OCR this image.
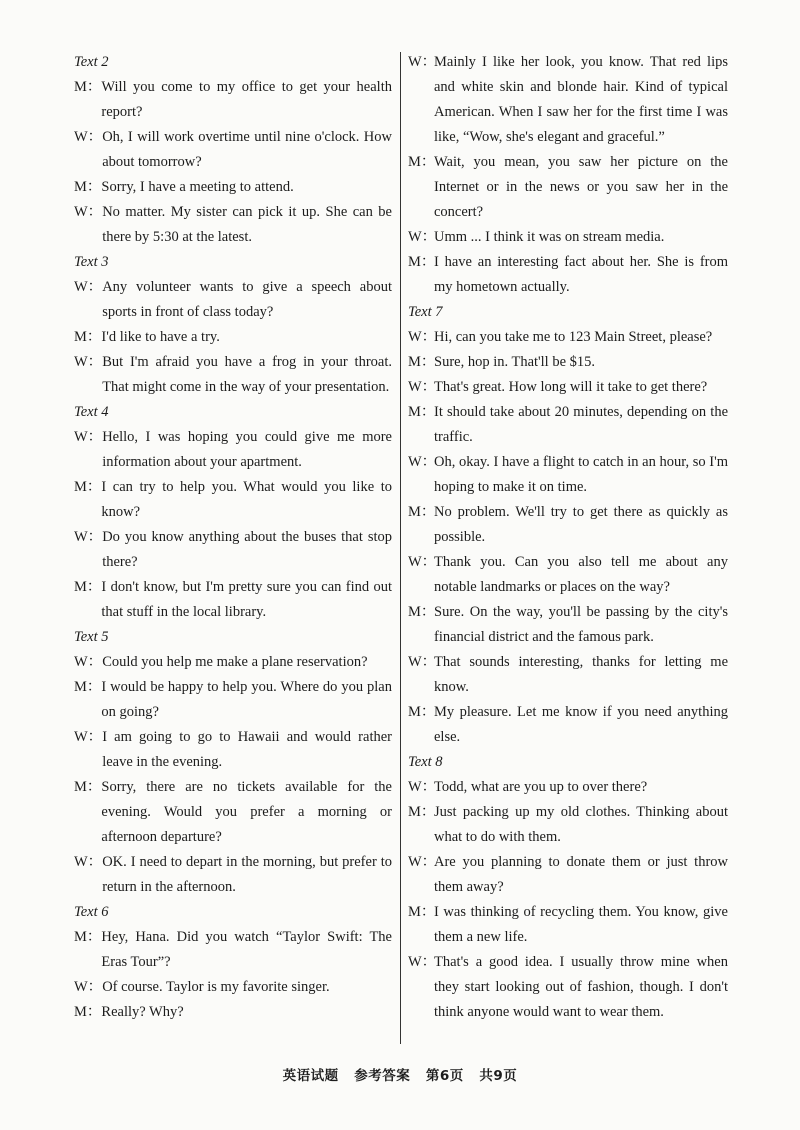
Text 2
M： Will you come to my office to get your health report?
W： Oh, I will work overtime until nine o'clock. How about tomorrow?
M： Sorry, I have a meeting to attend.
W： No matter. My sister can pick it up. She can be there by 5:30 at the latest.
Text 3
W： Any volunteer wants to give a speech about sports in front of class today?
M： I'd like to have a try.
W： But I'm afraid you have a frog in your throat. That might come in the way of your presentation.
Text 4
W： Hello, I was hoping you could give me more information about your apartment.
M： I can try to help you. What would you like to know?
W： Do you know anything about the buses that stop there?
M： I don't know, but I'm pretty sure you can find out that stuff in the local library.
Text 5
W： Could you help me make a plane reservation?
M： I would be happy to help you. Where do you plan on going?
W： I am going to go to Hawaii and would rather leave in the evening.
M： Sorry, there are no tickets available for the evening. Would you prefer a morning or afternoon departure?
W： OK. I need to depart in the morning, but prefer to return in the afternoon.
Text 6
M： Hey, Hana. Did you watch “Taylor Swift: The Eras Tour”?
W： Of course. Taylor is my favorite singer.
M： Really? Why?
W：
Mainly I like her look, you know. That red lips and white skin and blonde hair. Kind of typical American. When I saw her for the first time I was like, “Wow, she's elegant and graceful.”
M：
Wait, you mean, you saw her picture on the Internet or in the news or you saw her in the concert?
W：
Umm ... I think it was on stream media.
M：
I have an interesting fact about her. She is from my hometown actually.
Text 7
W：
Hi, can you take me to 123 Main Street, please?
M：
Sure, hop in. That'll be $15.
W：
That's great. How long will it take to get there?
M：
It should take about 20 minutes, depending on the traffic.
W：
Oh, okay. I have a flight to catch in an hour, so I'm hoping to make it on time.
M：
No problem. We'll try to get there as quickly as possible.
W：
Thank you. Can you also tell me about any notable landmarks or places on the way?
M：
Sure. On the way, you'll be passing by the city's financial district and the famous park.
W：
That sounds interesting, thanks for letting me know.
M：
My pleasure. Let me know if you need anything else.
Text 8
W：
Todd, what are you up to over there?
M：
Just packing up my old clothes. Thinking about what to do with them.
W：
Are you planning to donate them or just throw them away?
M：
I was thinking of recycling them. You know, give them a new life.
W：
That's a good idea. I usually throw mine when they start looking out of fashion, though. I don't think anyone would want to wear them.
英语试题 参考答案 第6页 共9页
